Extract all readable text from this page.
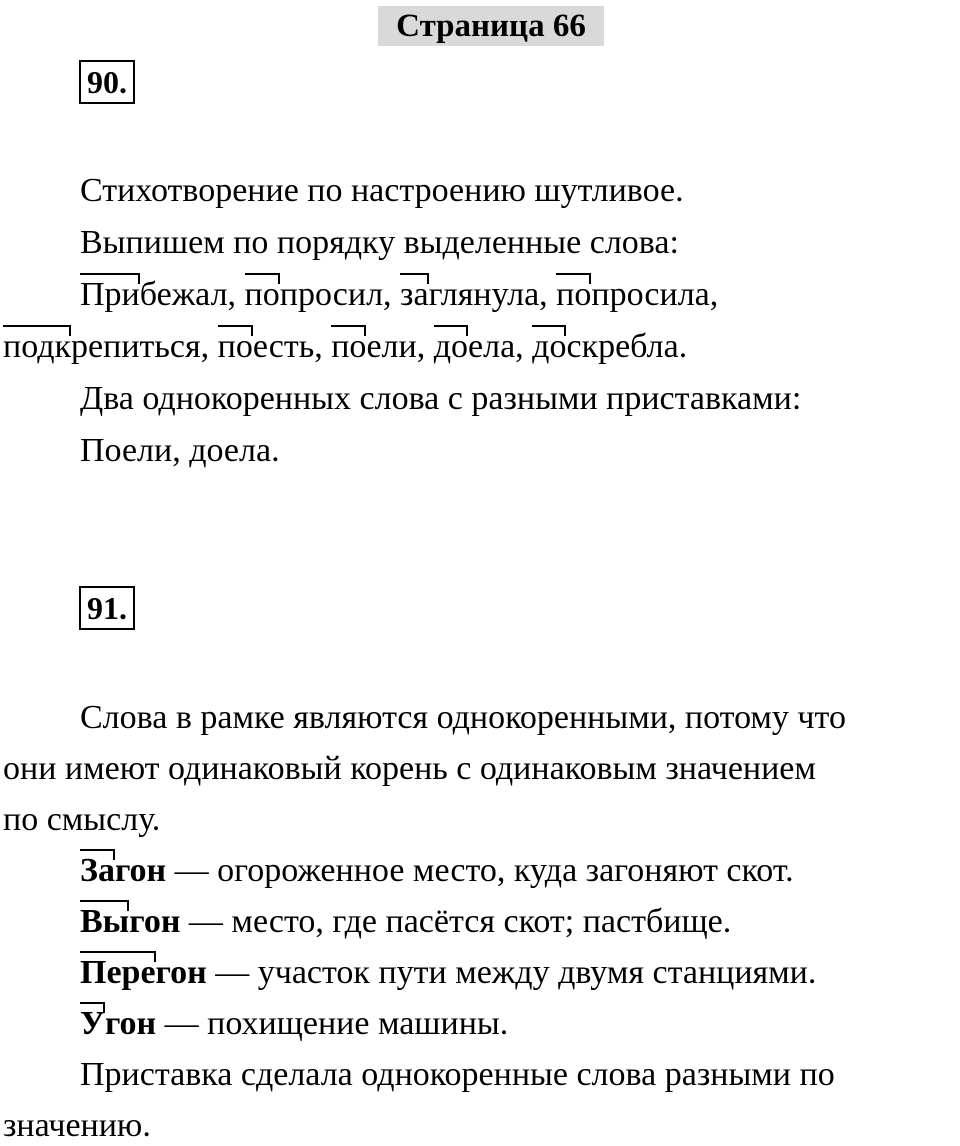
Страница 66
90.
Стихотворение по настроению шутливое.
Выпишем по порядку выделенные слова:
Прибежал, попросил, заглянула, попросила,
подкрепиться, поесть, поели, доела, доскребла.
Два однокоренных слова с разными приставками:
Поели, доела.
91.
Слова в рамке являются однокоренными, потому что
они имеют одинаковый корень с одинаковым значением
по смыслу.
Загон — огороженное место, куда загоняют скот.
Выгон — место, где пасётся скот; пастбище.
Перегон — участок пути между двумя станциями.
Угон — похищение машины.
Приставка сделала однокоренные слова разными по
значению.
